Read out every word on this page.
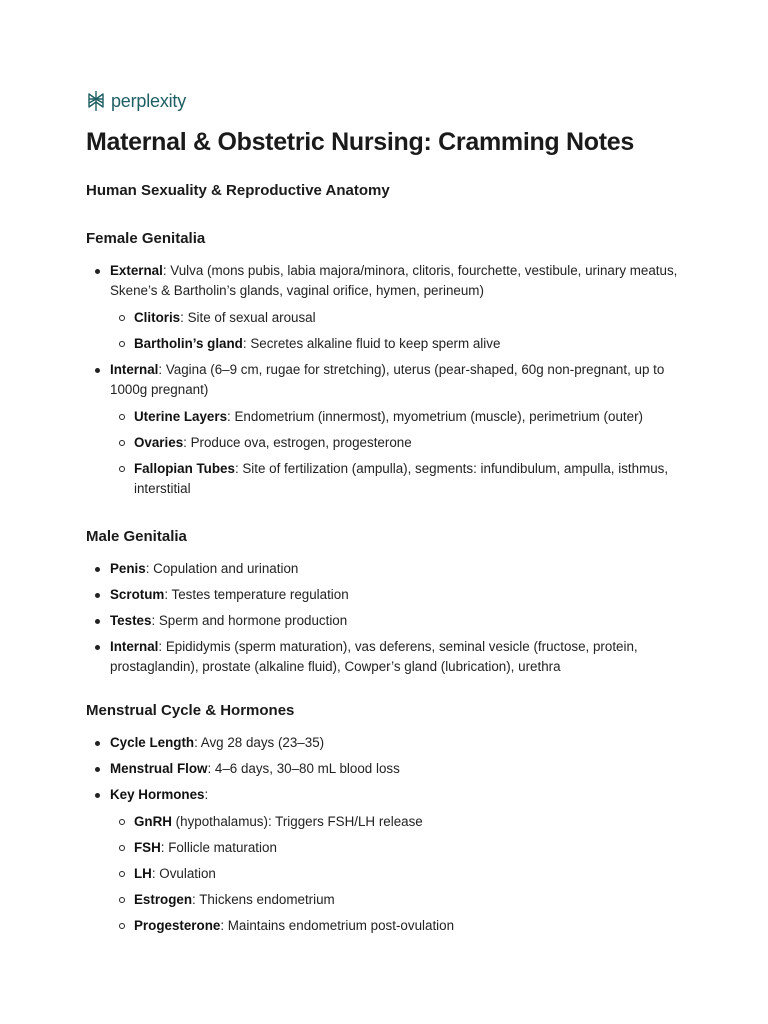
perplexity
Maternal & Obstetric Nursing: Cramming Notes
Human Sexuality & Reproductive Anatomy
Female Genitalia
External: Vulva (mons pubis, labia majora/minora, clitoris, fourchette, vestibule, urinary meatus, Skene’s & Bartholin’s glands, vaginal orifice, hymen, perineum)
Clitoris: Site of sexual arousal
Bartholin’s gland: Secretes alkaline fluid to keep sperm alive
Internal: Vagina (6–9 cm, rugae for stretching), uterus (pear-shaped, 60g non-pregnant, up to 1000g pregnant)
Uterine Layers: Endometrium (innermost), myometrium (muscle), perimetrium (outer)
Ovaries: Produce ova, estrogen, progesterone
Fallopian Tubes: Site of fertilization (ampulla), segments: infundibulum, ampulla, isthmus, interstitial
Male Genitalia
Penis: Copulation and urination
Scrotum: Testes temperature regulation
Testes: Sperm and hormone production
Internal: Epididymis (sperm maturation), vas deferens, seminal vesicle (fructose, protein, prostaglandin), prostate (alkaline fluid), Cowper’s gland (lubrication), urethra
Menstrual Cycle & Hormones
Cycle Length: Avg 28 days (23–35)
Menstrual Flow: 4–6 days, 30–80 mL blood loss
Key Hormones:
GnRH (hypothalamus): Triggers FSH/LH release
FSH: Follicle maturation
LH: Ovulation
Estrogen: Thickens endometrium
Progesterone: Maintains endometrium post-ovulation
